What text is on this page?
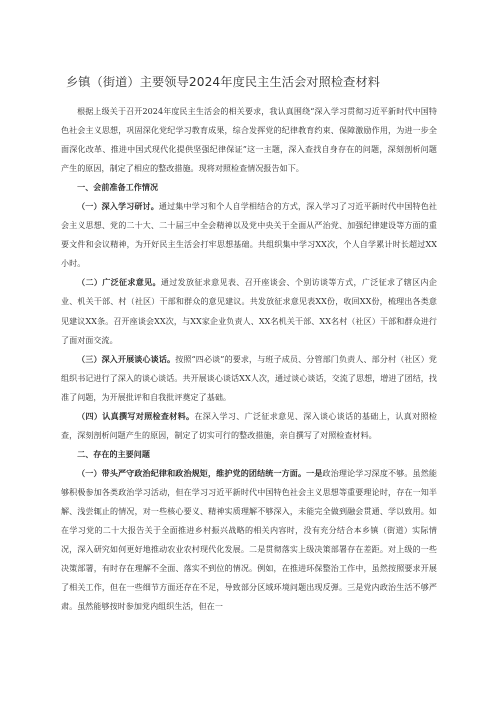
乡镇（街道）主要领导2024年度民主生活会对照检查材料

根据上级关于召开2024年度民主生活会的相关要求，我认真围绕“深入学习贯彻习近平新时代中国特色社会主义思想，巩固深化党纪学习教育成果，综合发挥党的纪律教育约束、保障激励作用，为进一步全面深化改革、推进中国式现代化提供坚强纪律保证”这一主题，深入查找自身存在的问题，深刻剖析问题产生的原因，制定了相应的整改措施。现将对照检查情况报告如下。

一、会前准备工作情况

（一）深入学习研讨。通过集中学习和个人自学相结合的方式，深入学习了习近平新时代中国特色社会主义思想、党的二十大、二十届三中全会精神以及党中央关于全面从严治党、加强纪律建设等方面的重要文件和会议精神，为开好民主生活会打牢思想基础。共组织集中学习XX次，个人自学累计时长超过XX小时。

（二）广泛征求意见。通过发放征求意见表、召开座谈会、个别访谈等方式，广泛征求了辖区内企业、机关干部、村（社区）干部和群众的意见建议。共发放征求意见表XX份，收回XX份，梳理出各类意见建议XX条。召开座谈会XX次，与XX家企业负责人、XX名机关干部、XX名村（社区）干部和群众进行了面对面交流。

（三）深入开展谈心谈话。按照“四必谈”的要求，与班子成员、分管部门负责人、部分村（社区）党组织书记进行了深入的谈心谈话。共开展谈心谈话XX人次，通过谈心谈话，交流了思想，增进了团结，找准了问题，为开展批评和自我批评奠定了基础。

（四）认真撰写对照检查材料。在深入学习、广泛征求意见、深入谈心谈话的基础上，认真对照检查，深刻剖析问题产生的原因，制定了切实可行的整改措施，亲自撰写了对照检查材料。

二、存在的主要问题

（一）带头严守政治纪律和政治规矩，维护党的团结统一方面。一是政治理论学习深度不够。虽然能够积极参加各类政治学习活动，但在学习习近平新时代中国特色社会主义思想等重要理论时，存在一知半解、浅尝辄止的情况，对一些核心要义、精神实质理解不够深入，未能完全做到融会贯通、学以致用。如在学习党的二十大报告关于全面推进乡村振兴战略的相关内容时，没有充分结合本乡镇（街道）实际情况，深入研究如何更好地推动农业农村现代化发展。二是贯彻落实上级决策部署存在差距。对上级的一些决策部署，有时存在理解不全面、落实不到位的情况。例如，在推进环保整治工作中，虽然按照要求开展了相关工作，但在一些细节方面还存在不足，导致部分区域环境问题出现反弹。三是党内政治生活不够严肃。虽然能够按时参加党内组织生活，但在一
